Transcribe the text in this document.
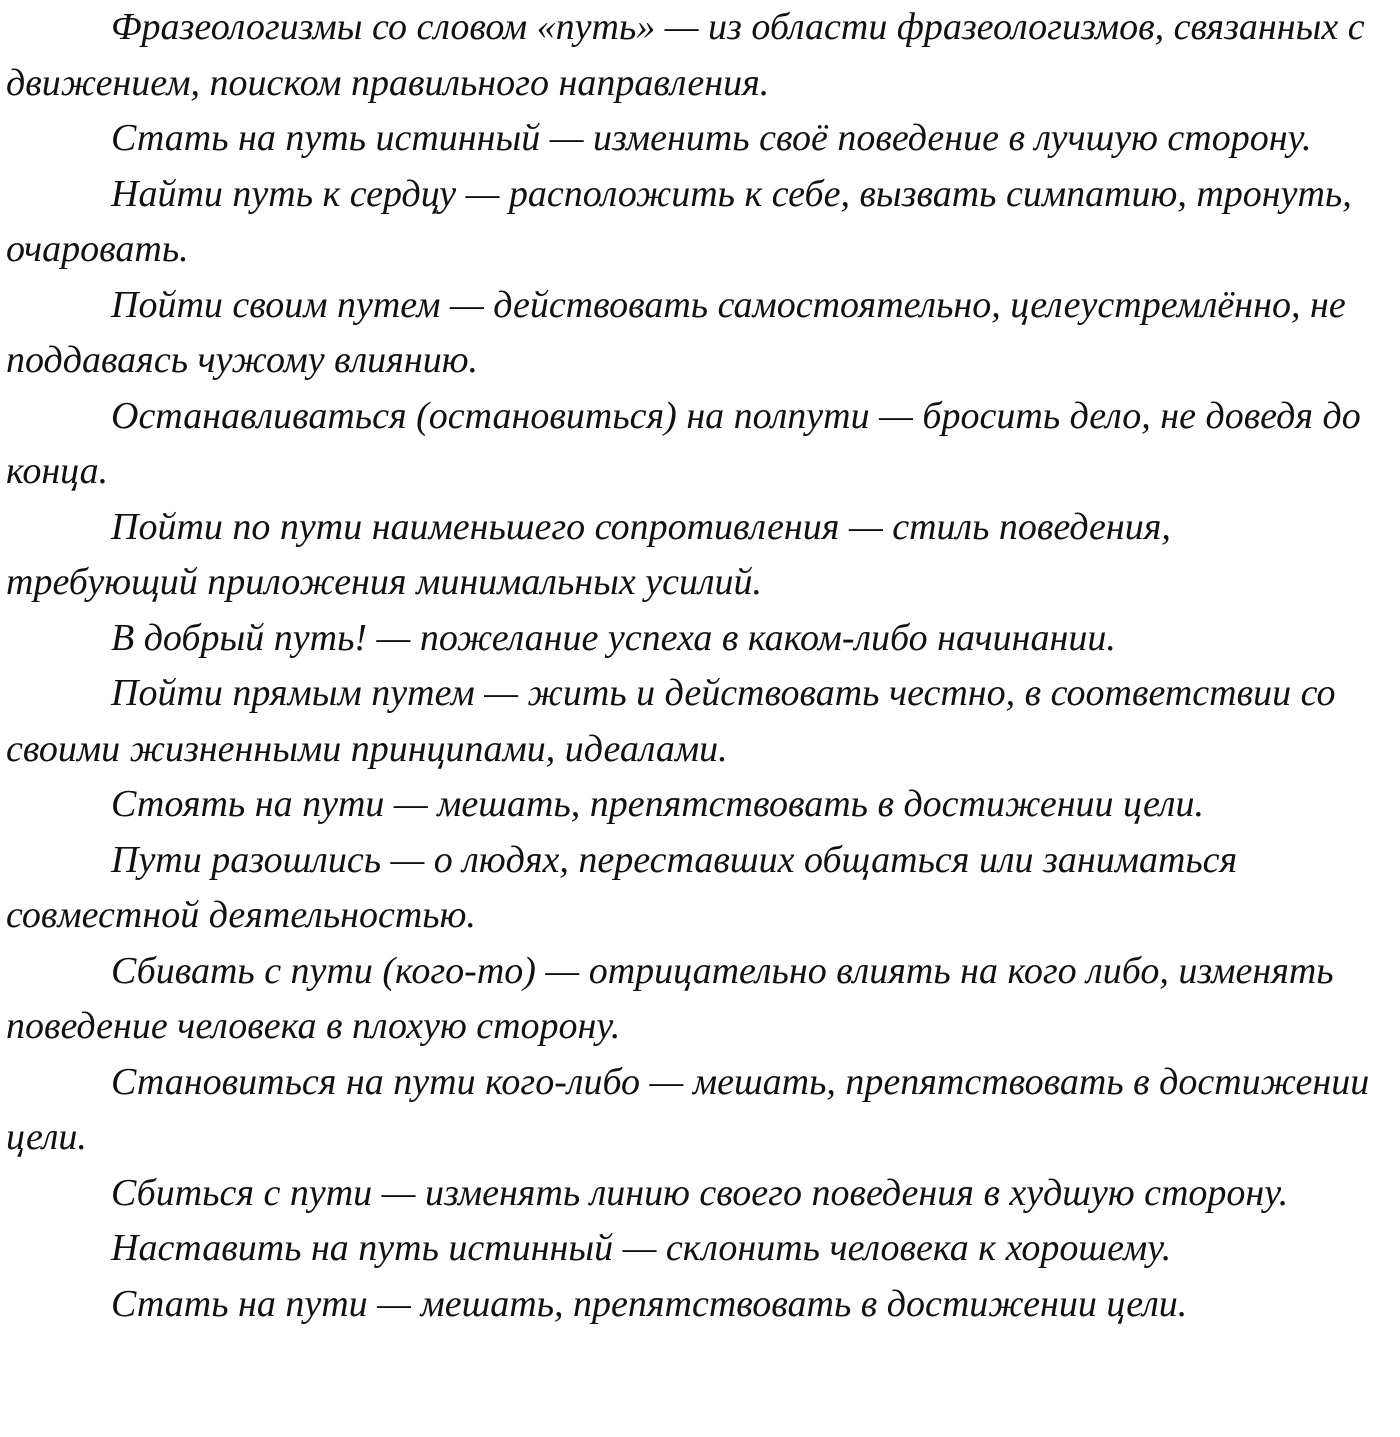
Фразеологизмы со словом «путь» — из области фразеологизмов, связанных с движением, поиском правильного направления.

Стать на путь истинный — изменить своё поведение в лучшую сторону.

Найти путь к сердцу — расположить к себе, вызвать симпатию, тронуть, очаровать.

Пойти своим путем — действовать самостоятельно, целеустремлённо, не поддаваясь чужому влиянию.

Останавливаться (остановиться) на полпути — бросить дело, не доведя до конца.

Пойти по пути наименьшего сопротивления — стиль поведения, требующий приложения минимальных усилий.

В добрый путь! — пожелание успеха в каком-либо начинании.

Пойти прямым путем — жить и действовать честно, в соответствии со своими жизненными принципами, идеалами.

Стоять на пути — мешать, препятствовать в достижении цели.

Пути разошлись — о людях, переставших общаться или заниматься совместной деятельностью.

Сбивать с пути (кого-то) — отрицательно влиять на кого либо, изменять поведение человека в плохую сторону.

Становиться на пути кого-либо — мешать, препятствовать в достижении цели.

Сбиться с пути — изменять линию своего поведения в худшую сторону.

Наставить на путь истинный — склонить человека к хорошему.

Стать на пути — мешать, препятствовать в достижении цели.
